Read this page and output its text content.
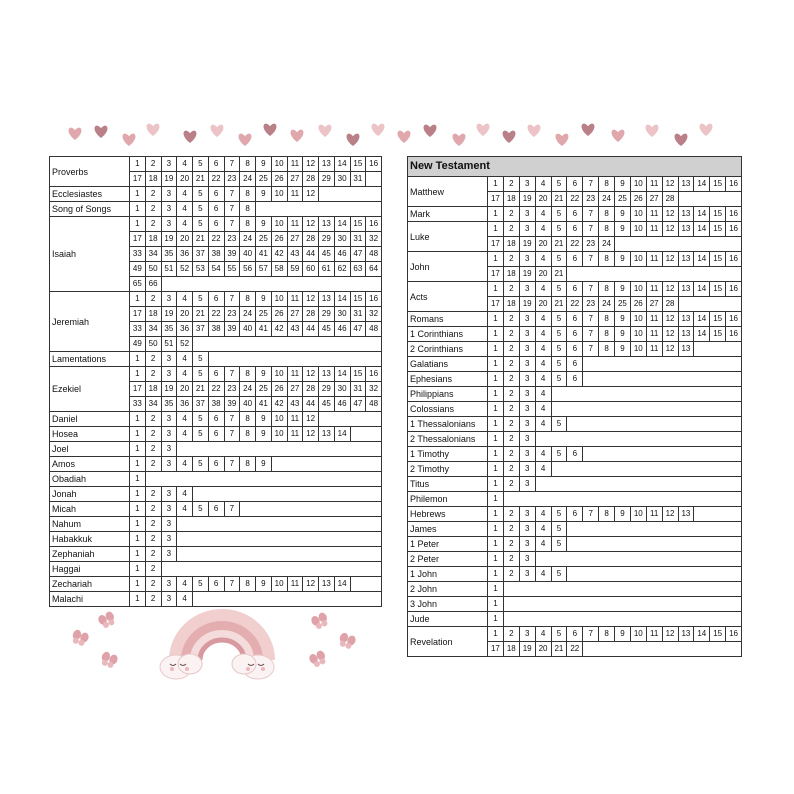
Proverbs	1	2	3	4	5	6	7	8	9	10	11	12	13	14	15	16
	17	18	19	20	21	22	23	24	25	26	27	28	29	30	31	
Ecclesiastes	1	2	3	4	5	6	7	8	9	10	11	12				
Song of Songs	1	2	3	4	5	6	7	8								
Isaiah	1	2	3	4	5	6	7	8	9	10	11	12	13	14	15	16
	17	18	19	20	21	22	23	24	25	26	27	28	29	30	31	32
	33	34	35	36	37	38	39	40	41	42	43	44	45	46	47	48
	49	50	51	52	53	54	55	56	57	58	59	60	61	62	63	64
	65	66														
Jeremiah	1	2	3	4	5	6	7	8	9	10	11	12	13	14	15	16
	17	18	19	20	21	22	23	24	25	26	27	28	29	30	31	32
	33	34	35	36	37	38	39	40	41	42	43	44	45	46	47	48
	49	50	51	52												
Lamentations	1	2	3	4	5											
Ezekiel	1	2	3	4	5	6	7	8	9	10	11	12	13	14	15	16
	17	18	19	20	21	22	23	24	25	26	27	28	29	30	31	32
	33	34	35	36	37	38	39	40	41	42	43	44	45	46	47	48
Daniel	1	2	3	4	5	6	7	8	9	10	11	12				
Hosea	1	2	3	4	5	6	7	8	9	10	11	12	13	14		
Joel	1	2	3													
Amos	1	2	3	4	5	6	7	8	9							
Obadiah	1															
Jonah	1	2	3	4												
Micah	1	2	3	4	5	6	7									
Nahum	1	2	3													
Habakkuk	1	2	3													
Zephaniah	1	2	3													
Haggai	1	2														
Zechariah	1	2	3	4	5	6	7	8	9	10	11	12	13	14		
Malachi	1	2	3	4												
New Testament																
Matthew	1	2	3	4	5	6	7	8	9	10	11	12	13	14	15	16
	17	18	19	20	21	22	23	24	25	26	27	28				
Mark	1	2	3	4	5	6	7	8	9	10	11	12	13	14	15	16
Luke	1	2	3	4	5	6	7	8	9	10	11	12	13	14	15	16
	17	18	19	20	21	22	23	24								
John	1	2	3	4	5	6	7	8	9	10	11	12	13	14	15	16
	17	18	19	20	21											
Acts	1	2	3	4	5	6	7	8	9	10	11	12	13	14	15	16
	17	18	19	20	21	22	23	24	25	26	27	28				
Romans	1	2	3	4	5	6	7	8	9	10	11	12	13	14	15	16
1 Corinthians	1	2	3	4	5	6	7	8	9	10	11	12	13	14	15	16
2 Corinthians	1	2	3	4	5	6	7	8	9	10	11	12	13			
Galatians	1	2	3	4	5	6										
Ephesians	1	2	3	4	5	6										
Philippians	1	2	3	4												
Colossians	1	2	3	4												
1 Thessalonians	1	2	3	4	5											
2 Thessalonians	1	2	3													
1 Timothy	1	2	3	4	5	6										
2 Timothy	1	2	3	4												
Titus	1	2	3													
Philemon	1															
Hebrews	1	2	3	4	5	6	7	8	9	10	11	12	13			
James	1	2	3	4	5											
1 Peter	1	2	3	4	5											
2 Peter	1	2	3													
1 John	1	2	3	4	5											
2 John	1															
3 John	1															
Jude	1															
Revelation	1	2	3	4	5	6	7	8	9	10	11	12	13	14	15	16
	17	18	19	20	21	22										
